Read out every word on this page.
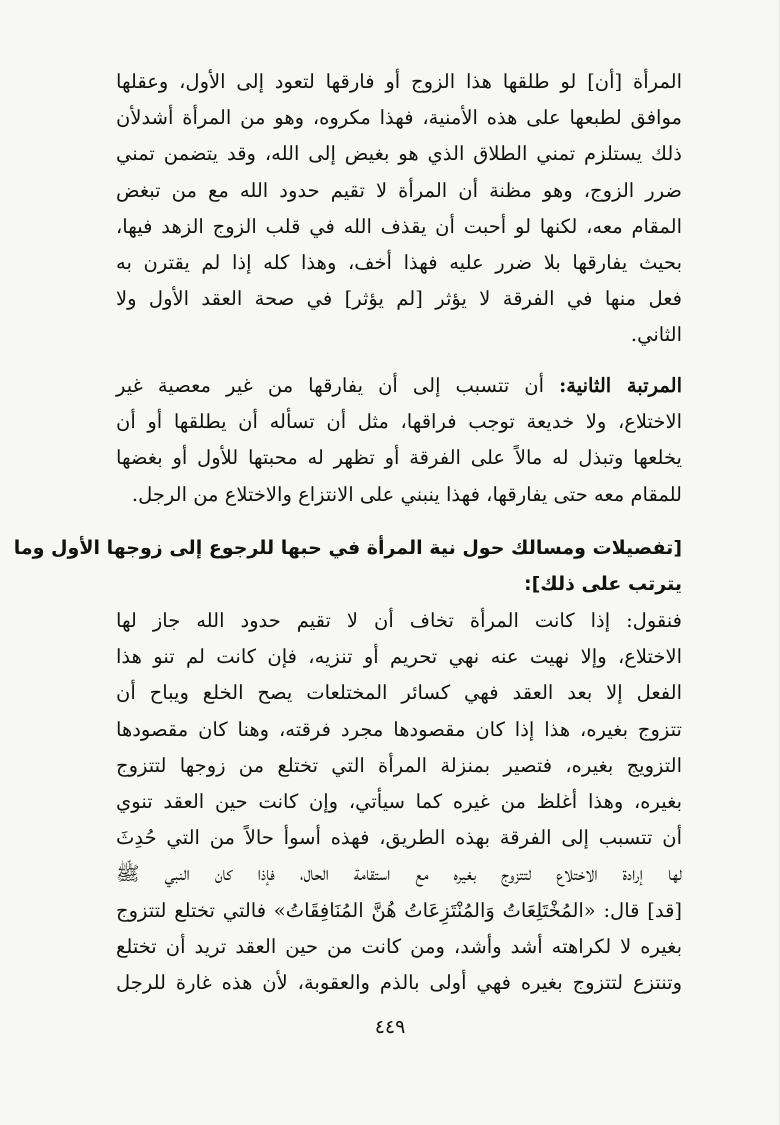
المرأة [أن] لو طلقها هذا الزوج أو فارقها لتعود إلى الأول، وعقلها
موافق لطبعها على هذه الأمنية، فهذا مكروه، وهو من المرأة أشدلأن
ذلك يستلزم تمني الطلاق الذي هو بغيض إلى الله، وقد يتضمن تمني
ضرر الزوج، وهو مظنة أن المرأة لا تقيم حدود الله مع من تبغض
المقام معه، لكنها لو أحبت أن يقذف الله في قلب الزوج الزهد فيها،
بحيث يفارقها بلا ضرر عليه فهذا أخف، وهذا كله إذا لم يقترن به
فعل منها في الفرقة لا يؤثر [لم يؤثر] في صحة العقد الأول ولا
الثاني.
المرتبة الثانية: أن تتسبب إلى أن يفارقها من غير معصية غير
الاختلاع، ولا خديعة توجب فراقها، مثل أن تسأله أن يطلقها أو أن
يخلعها وتبذل له مالاً على الفرقة أو تظهر له محبتها للأول أو بغضها
للمقام معه حتى يفارقها، فهذا ينبني على الانتزاع والاختلاع من الرجل.
[تفصيلات ومسالك حول نية المرأة في حبها للرجوع إلى زوجها الأول وما
يترتب على ذلك]:
فنقول: إذا كانت المرأة تخاف أن لا تقيم حدود الله جاز لها
الاختلاع، وإلا نهيت عنه نهي تحريم أو تنزيه، فإن كانت لم تنو هذا
الفعل إلا بعد العقد فهي كسائر المختلعات يصح الخلع ويباح أن
تتزوج بغيره، هذا إذا كان مقصودها مجرد فرقته، وهنا كان مقصودها
التزويج بغيره، فتصير بمنزلة المرأة التي تختلع من زوجها لتتزوج
بغيره، وهذا أغلظ من غيره كما سيأتي، وإن كانت حين العقد تنوي
أن تتسبب إلى الفرقة بهذه الطريق، فهذه أسوأ حالاً من التي حُدِثَ
لها إرادة الاختلاع لتتزوج بغيره مع استقامة الحال، فإذا كان النبي ﷺ
[قد] قال: «المُخْتَلِعَاتُ وَالمُنْتَزِعَاتُ هُنَّ المُنَافِقَاتُ» فالتي تختلع لتتزوج
بغيره لا لكراهته أشد وأشد، ومن كانت من حين العقد تريد أن تختلع
وتنتزع لتتزوج بغيره فهي أولى بالذم والعقوبة، لأن هذه غارة للرجل
٤٤٩
